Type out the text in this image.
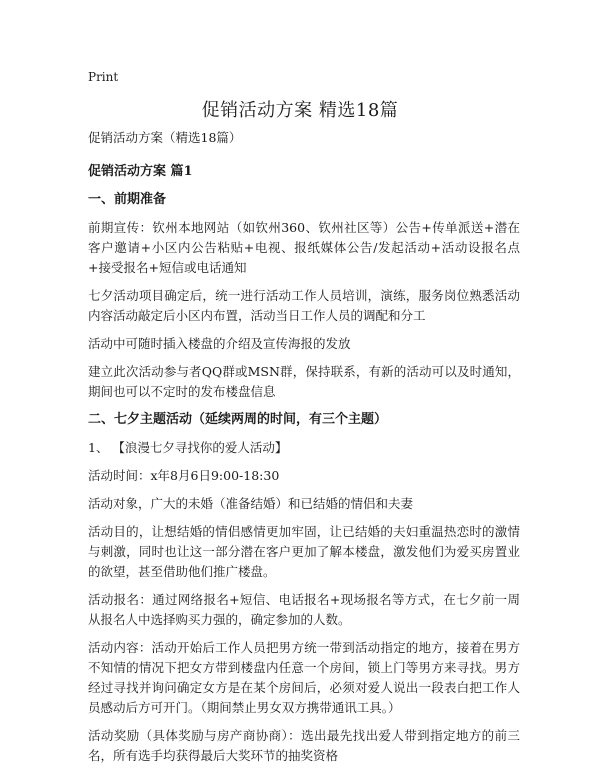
Print
促销活动方案 精选18篇

促销活动方案（精选18篇）

促销活动方案 篇1

一、前期准备

前期宣传：钦州本地网站（如钦州360、钦州社区等）公告+传单派送+潜在客户邀请+小区内公告粘贴+电视、报纸媒体公告/发起活动+活动设报名点+接受报名+短信或电话通知

七夕活动项目确定后，统一进行活动工作人员培训，演练，服务岗位熟悉活动内容活动敲定后小区内布置，活动当日工作人员的调配和分工

活动中可随时插入楼盘的介绍及宣传海报的发放

建立此次活动参与者QQ群或MSN群，保持联系，有新的活动可以及时通知，期间也可以不定时的发布楼盘信息

二、七夕主题活动（延续两周的时间，有三个主题）

1、 【浪漫七夕寻找你的爱人活动】

活动时间：x年8月6日9:00-18:30

活动对象，广大的未婚（准备结婚）和已结婚的情侣和夫妻

活动目的，让想结婚的情侣感情更加牢固，让已结婚的夫妇重温热恋时的激情与刺激，同时也让这一部分潜在客户更加了解本楼盘，激发他们为爱买房置业的欲望，甚至借助他们推广楼盘。

活动报名：通过网络报名+短信、电话报名+现场报名等方式，在七夕前一周从报名人中选择购买力强的，确定参加的人数。

活动内容：活动开始后工作人员把男方统一带到活动指定的地方，接着在男方不知情的情况下把女方带到楼盘内任意一个房间，锁上门等男方来寻找。男方经过寻找并询问确定女方是在某个房间后，必须对爱人说出一段表白把工作人员感动后方可开门。（期间禁止男女双方携带通讯工具。）

活动奖励（具体奖励与房产商协商）：选出最先找出爱人带到指定地方的前三名，所有选手均获得最后大奖环节的抽奖资格
